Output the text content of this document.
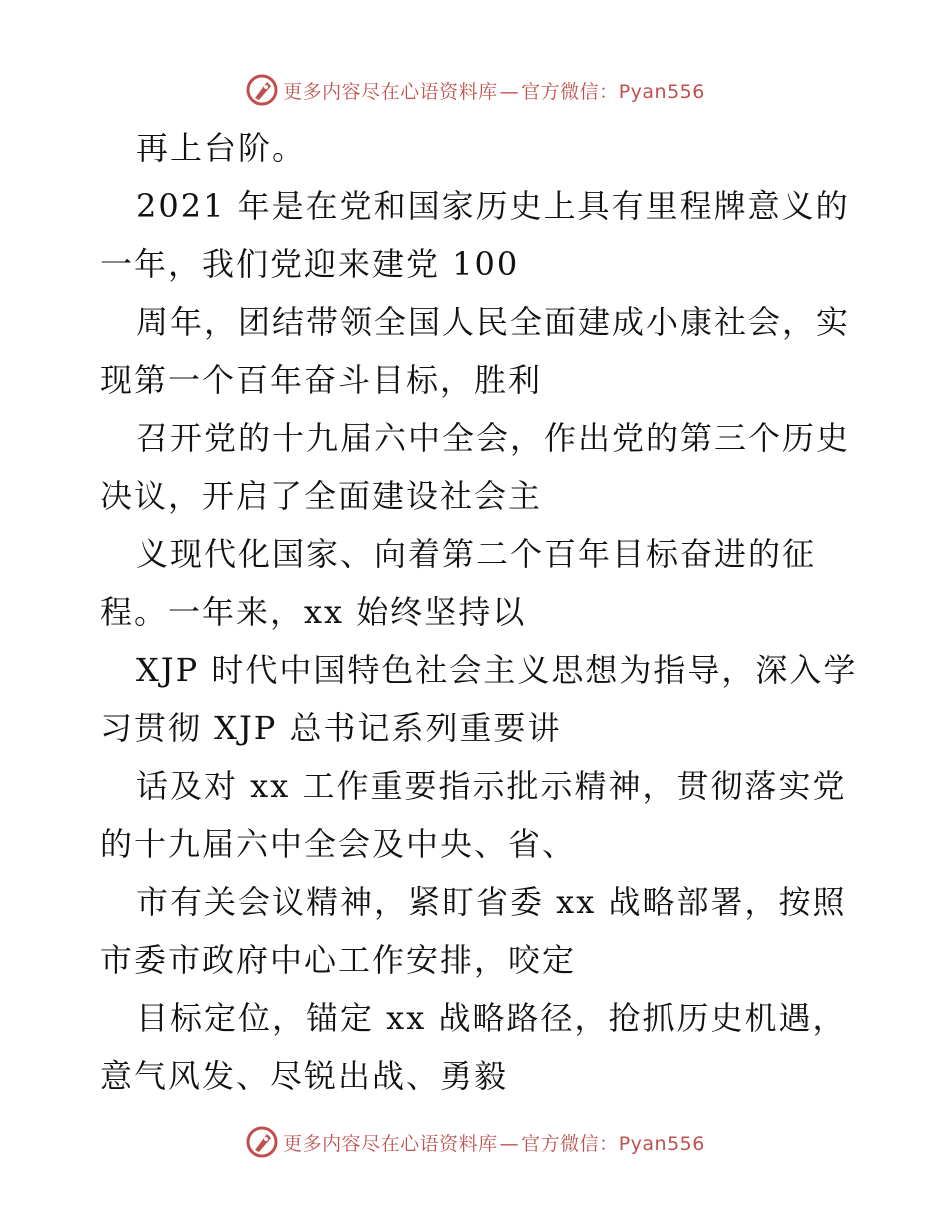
更多内容尽在心语资料库 — 官方微信：Pyan556
再上台阶。
2021 年是在党和国家历史上具有里程牌意义的
一年，我们党迎来建党 100
周年，团结带领全国人民全面建成小康社会，实
现第一个百年奋斗目标，胜利
召开党的十九届六中全会，作出党的第三个历史
决议，开启了全面建设社会主
义现代化国家、向着第二个百年目标奋进的征
程。一年来，xx 始终坚持以
XJP 时代中国特色社会主义思想为指导，深入学
习贯彻 XJP 总书记系列重要讲
话及对 xx 工作重要指示批示精神，贯彻落实党
的十九届六中全会及中央、省、
市有关会议精神，紧盯省委 xx 战略部署，按照
市委市政府中心工作安排，咬定
目标定位，锚定 xx 战略路径，抢抓历史机遇，
意气风发、尽锐出战、勇毅
更多内容尽在心语资料库 — 官方微信：Pyan556
